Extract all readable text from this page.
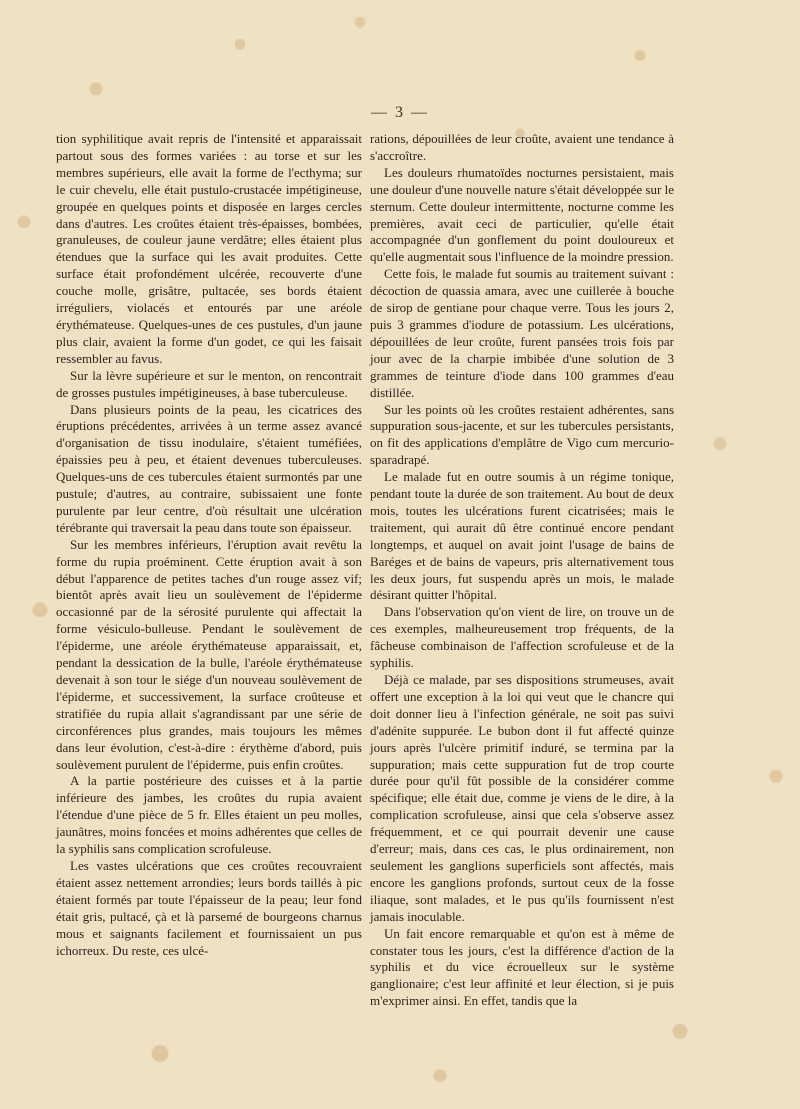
— 3 —

tion syphilitique avait repris de l'intensité et apparaissait partout sous des formes variées : au torse et sur les membres supérieurs, elle avait la forme de l'ecthyma; sur le cuir chevelu, elle était pustulo-crustacée impétigineuse, groupée en quelques points et disposée en larges cercles dans d'autres. Les croûtes étaient très-épaisses, bombées, granuleuses, de couleur jaune verdâtre; elles étaient plus étendues que la surface qui les avait produites. Cette surface était profondément ulcérée, recouverte d'une couche molle, grisâtre, pultacée, ses bords étaient irréguliers, violacés et entourés par une aréole érythémateuse. Quelques-unes de ces pustules, d'un jaune plus clair, avaient la forme d'un godet, ce qui les faisait ressembler au favus.

Sur la lèvre supérieure et sur le menton, on rencontrait de grosses pustules impétigineuses, à base tuberculeuse.

Dans plusieurs points de la peau, les cicatrices des éruptions précédentes, arrivées à un terme assez avancé d'organisation de tissu inodulaire, s'étaient tuméfiées, épaissies peu à peu, et étaient devenues tuberculeuses. Quelques-uns de ces tubercules étaient surmontés par une pustule; d'autres, au contraire, subissaient une fonte purulente par leur centre, d'où résultait une ulcération térébrante qui traversait la peau dans toute son épaisseur.

Sur les membres inférieurs, l'éruption avait revêtu la forme du rupia proéminent. Cette éruption avait à son début l'apparence de petites taches d'un rouge assez vif; bientôt après avait lieu un soulèvement de l'épiderme occasionné par de la sérosité purulente qui affectait la forme vésiculo-bulleuse. Pendant le soulèvement de l'épiderme, une aréole érythémateuse apparaissait, et, pendant la dessication de la bulle, l'aréole érythémateuse devenait à son tour le siége d'un nouveau soulèvement de l'épiderme, et successivement, la surface croûteuse et stratifiée du rupia allait s'agrandissant par une série de circonférences plus grandes, mais toujours les mêmes dans leur évolution, c'est-à-dire : érythème d'abord, puis soulèvement purulent de l'épiderme, puis enfin croûtes.

A la partie postérieure des cuisses et à la partie inférieure des jambes, les croûtes du rupia avaient l'étendue d'une pièce de 5 fr. Elles étaient un peu molles, jaunâtres, moins foncées et moins adhérentes que celles de la syphilis sans complication scrofuleuse.

Les vastes ulcérations que ces croûtes recouvraient étaient assez nettement arrondies; leurs bords taillés à pic étaient formés par toute l'épaisseur de la peau; leur fond était gris, pultacé, çà et là parsemé de bourgeons charnus mous et saignants facilement et fournissaient un pus ichorreux. Du reste, ces ulcé-

rations, dépouillées de leur croûte, avaient une tendance à s'accroître.

Les douleurs rhumatoïdes nocturnes persistaient, mais une douleur d'une nouvelle nature s'était développée sur le sternum. Cette douleur intermittente, nocturne comme les premières, avait ceci de particulier, qu'elle était accompagnée d'un gonflement du point douloureux et qu'elle augmentait sous l'influence de la moindre pression.

Cette fois, le malade fut soumis au traitement suivant : décoction de quassia amara, avec une cuillerée à bouche de sirop de gentiane pour chaque verre. Tous les jours 2, puis 3 grammes d'iodure de potassium. Les ulcérations, dépouillées de leur croûte, furent pansées trois fois par jour avec de la charpie imbibée d'une solution de 3 grammes de teinture d'iode dans 100 grammes d'eau distillée.

Sur les points où les croûtes restaient adhérentes, sans suppuration sous-jacente, et sur les tubercules persistants, on fit des applications d'emplâtre de Vigo cum mercurio-sparadrapé.

Le malade fut en outre soumis à un régime tonique, pendant toute la durée de son traitement. Au bout de deux mois, toutes les ulcérations furent cicatrisées; mais le traitement, qui aurait dû être continué encore pendant longtemps, et auquel on avait joint l'usage de bains de Baréges et de bains de vapeurs, pris alternativement tous les deux jours, fut suspendu après un mois, le malade désirant quitter l'hôpital.

Dans l'observation qu'on vient de lire, on trouve un de ces exemples, malheureusement trop fréquents, de la fâcheuse combinaison de l'affection scrofuleuse et de la syphilis.

Déjà ce malade, par ses dispositions strumeuses, avait offert une exception à la loi qui veut que le chancre qui doit donner lieu à l'infection générale, ne soit pas suivi d'adénite suppurée. Le bubon dont il fut affecté quinze jours après l'ulcère primitif induré, se termina par la suppuration; mais cette suppuration fut de trop courte durée pour qu'il fût possible de la considérer comme spécifique; elle était due, comme je viens de le dire, à la complication scrofuleuse, ainsi que cela s'observe assez fréquemment, et ce qui pourrait devenir une cause d'erreur; mais, dans ces cas, le plus ordinairement, non seulement les ganglions superficiels sont affectés, mais encore les ganglions profonds, surtout ceux de la fosse iliaque, sont malades, et le pus qu'ils fournissent n'est jamais inoculable.

Un fait encore remarquable et qu'on est à même de constater tous les jours, c'est la différence d'action de la syphilis et du vice écrouelleux sur le système ganglionaire; c'est leur affinité et leur élection, si je puis m'exprimer ainsi. En effet, tandis que la
